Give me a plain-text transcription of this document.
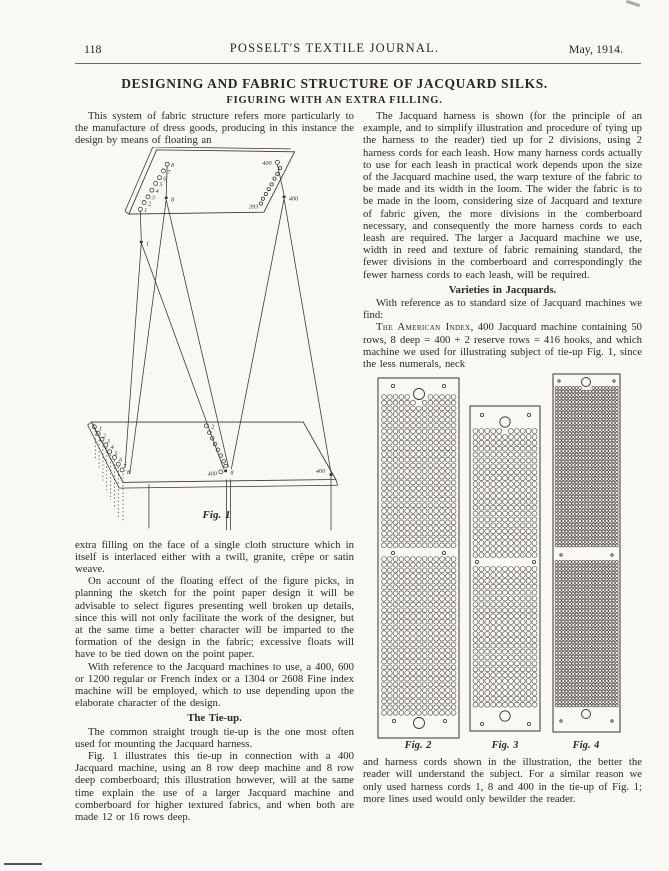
118	POSSELT'S TEXTILE JOURNAL.	May, 1914.
DESIGNING AND FABRIC STRUCTURE OF JACQUARD SILKS.
FIGURING WITH AN EXTRA FILLING.

This system of fabric structure refers more particularly to the manufacture of dress goods, producing in this instance the design by means of floating an

1
2
3
4
5
6
7
8	400
393
8	400
1
1
2
3
4
5
6
7
8
2
400 8	400
Fig. 1

extra filling on the face of a single cloth structure which in itself is interlaced either with a twill, granite, crêpe or satin weave.

On account of the floating effect of the figure picks, in planning the sketch for the point paper design it will be advisable to select figures presenting well broken up details, since this will not only facilitate the work of the designer, but at the same time a better character will be imparted to the formation of the design in the fabric; excessive floats will have to be tied down on the point paper.

With reference to the Jacquard machines to use, a 400, 600 or 1200 regular or French index or a 1304 or 2608 Fine index machine will be employed, which to use depending upon the elaborate character of the design.

The Tie-up.

The common straight trough tie-up is the one most often used for mounting the Jacquard harness.

Fig. 1 illustrates this tie-up in connection with a 400 Jacquard machine, using an 8 row deep machine and 8 row deep comberboard; this illustration however, will at the same time explain the use of a larger Jacquard machine and comberboard for higher textured fabrics, and when both are made 12 or 16 rows deep.

The Jacquard harness is shown (for the principle of an example, and to simplify illustration and procedure of tying up the harness to the reader) tied up for 2 divisions, using 2 harness cords for each leash. How many harness cords actually to use for each leash in practical work depends upon the size of the Jacquard machine used, the warp texture of the fabric to be made and its width in the loom. The wider the fabric is to be made in the loom, considering size of Jacquard and texture of fabric given, the more divisions in the comberboard necessary, and consequently the more harness cords to each leash are required. The larger a Jacquard machine we use, width in reed and texture of fabric remaining standard, the fewer divisions in the comberboard and correspondingly the fewer harness cords to each leash, will be required.

Varieties in Jacquards.

With reference as to standard size of Jacquard machines we find:

The American Index, 400 Jacquard machine containing 50 rows, 8 deep = 400 + 2 reserve rows = 416 hooks, and which machine we used for illustrating subject of tie-up Fig. 1, since the less numerals, neck

Fig. 2	Fig. 3	Fig. 4

and harness cords shown in the illustration, the better the reader will understand the subject. For a similar reason we only used harness cords 1, 8 and 400 in the tie-up of Fig. 1; more lines used would only bewilder the reader.
